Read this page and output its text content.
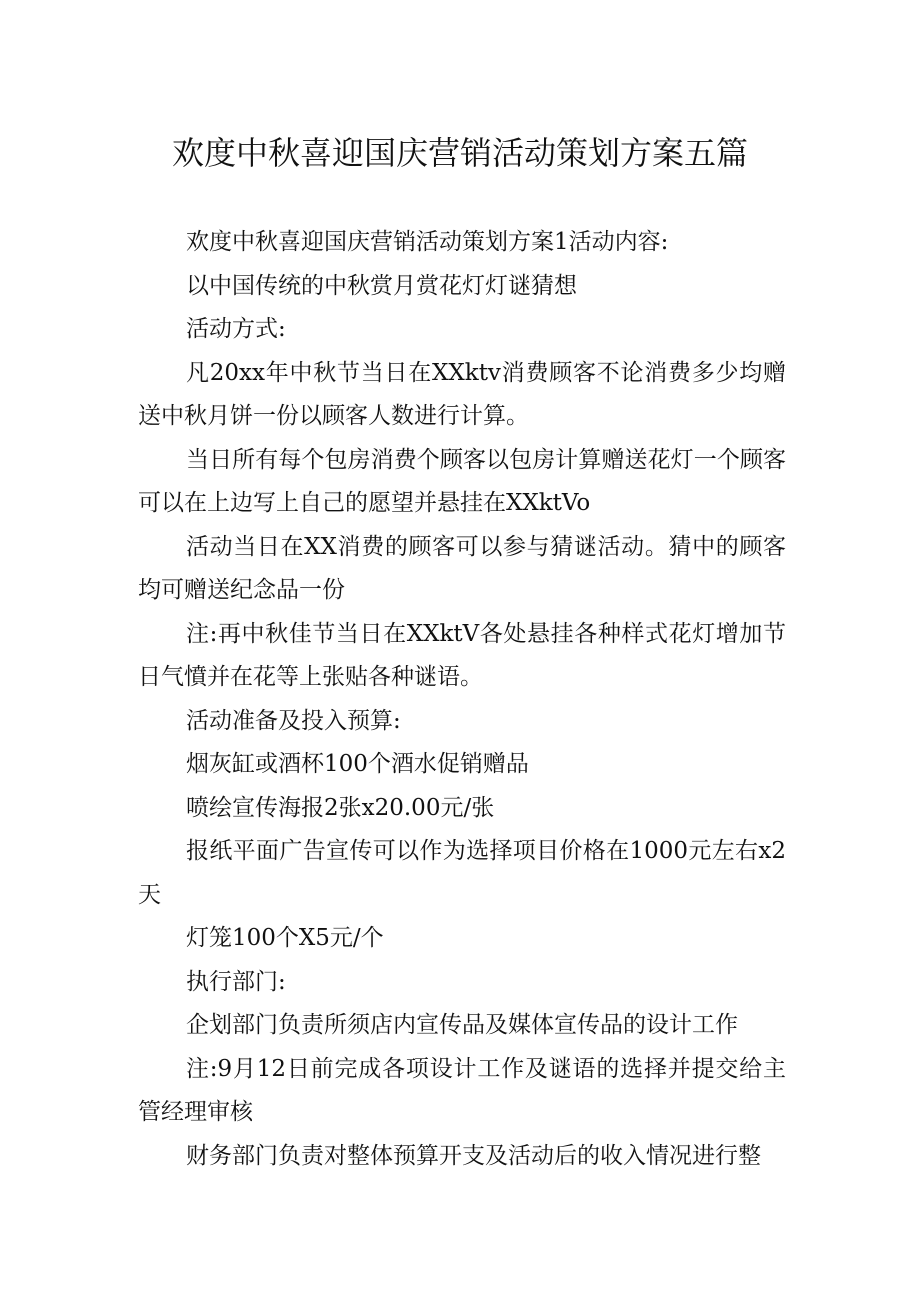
欢度中秋喜迎国庆营销活动策划方案五篇

欢度中秋喜迎国庆营销活动策划方案1活动内容:

以中国传统的中秋赏月赏花灯灯谜猜想

活动方式:

凡20xx年中秋节当日在XXktv消费顾客不论消费多少均赠送中秋月饼一份以顾客人数进行计算。

当日所有每个包房消费个顾客以包房计算赠送花灯一个顾客可以在上边写上自己的愿望并悬挂在XXktVo

活动当日在XX消费的顾客可以参与猜谜活动。猜中的顾客均可赠送纪念品一份

注:再中秋佳节当日在XXktV各处悬挂各种样式花灯增加节日气憤并在花等上张贴各种谜语。

活动准备及投入预算:

烟灰缸或酒杯100个酒水促销赠品

喷绘宣传海报2张x20.00元/张

报纸平面广告宣传可以作为选择项目价格在1000元左右x2天

灯笼100个X5元/个

执行部门:

企划部门负责所须店内宣传品及媒体宣传品的设计工作

注:9月12日前完成各项设计工作及谜语的选择并提交给主管经理审核

财务部门负责对整体预算开支及活动后的收入情况进行整
